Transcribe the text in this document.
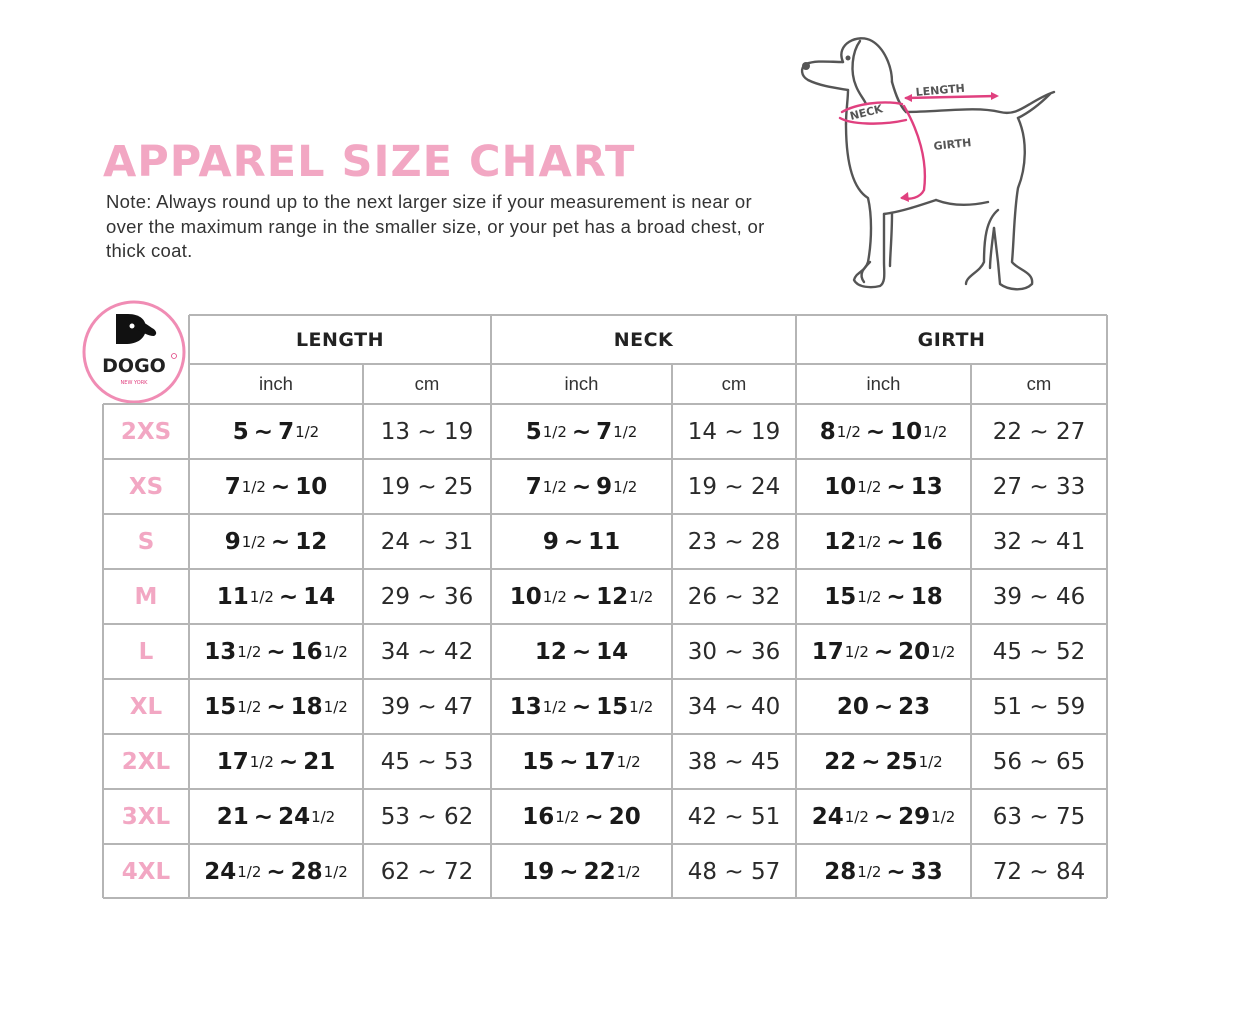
APPAREL SIZE CHART

Note: Always round up to the next larger size if your measurement is near or over the maximum range in the smaller size, or your pet has a broad chest, or thick coat.

NECK
LENGTH
GIRTH
DOGO
NEW YORK
LENGTH	NECK	GIRTH
inch	cm	inch	cm	inch	cm
2XS	5 ~ 7 1/2	13 ~ 19	5 1/2 ~ 7 1/2	14 ~ 19	8 1/2 ~ 10 1/2	22 ~ 27
XS	7 1/2 ~ 10	19 ~ 25	7 1/2 ~ 9 1/2	19 ~ 24	10 1/2 ~ 13	27 ~ 33
S	9 1/2 ~ 12	24 ~ 31	9 ~ 11	23 ~ 28	12 1/2 ~ 16	32 ~ 41
M	11 1/2 ~ 14	29 ~ 36	10 1/2 ~ 12 1/2	26 ~ 32	15 1/2 ~ 18	39 ~ 46
L	13 1/2 ~ 16 1/2	34 ~ 42	12 ~ 14	30 ~ 36	17 1/2 ~ 20 1/2	45 ~ 52
XL	15 1/2 ~ 18 1/2	39 ~ 47	13 1/2 ~ 15 1/2	34 ~ 40	20 ~ 23	51 ~ 59
2XL	17 1/2 ~ 21	45 ~ 53	15 ~ 17 1/2	38 ~ 45	22 ~ 25 1/2	56 ~ 65
3XL	21 ~ 24 1/2	53 ~ 62	16 1/2 ~ 20	42 ~ 51	24 1/2 ~ 29 1/2	63 ~ 75
4XL	24 1/2 ~ 28 1/2	62 ~ 72	19 ~ 22 1/2	48 ~ 57	28 1/2 ~ 33	72 ~ 84
